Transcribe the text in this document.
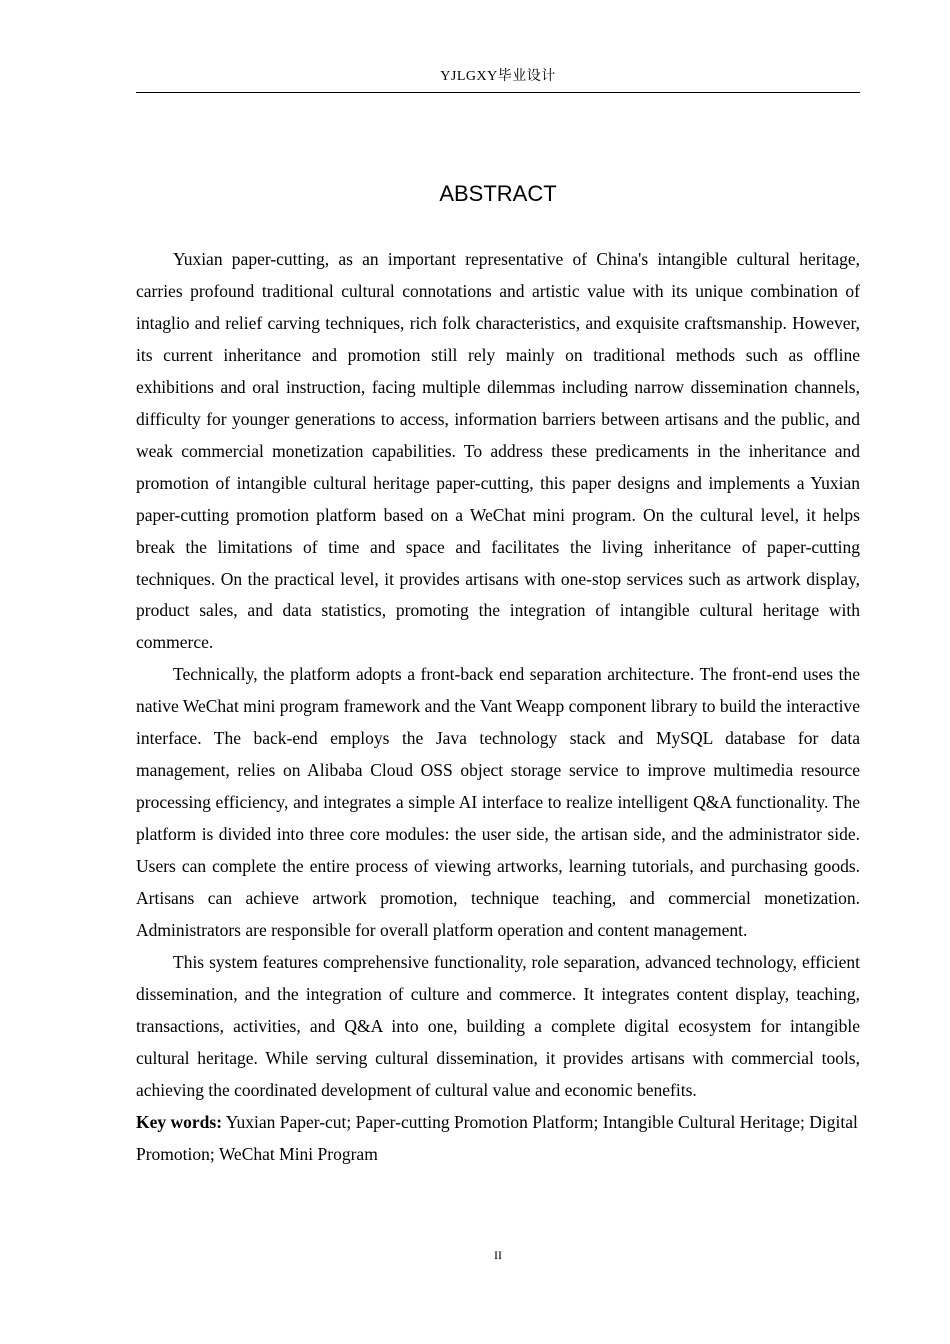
YJLGXY毕业设计
ABSTRACT

Yuxian paper-cutting, as an important representative of China's intangible cultural heritage, carries profound traditional cultural connotations and artistic value with its unique combination of intaglio and relief carving techniques, rich folk characteristics, and exquisite craftsmanship. However, its current inheritance and promotion still rely mainly on traditional methods such as offline exhibitions and oral instruction, facing multiple dilemmas including narrow dissemination channels, difficulty for younger generations to access, information barriers between artisans and the public, and weak commercial monetization capabilities. To address these predicaments in the inheritance and promotion of intangible cultural heritage paper-cutting, this paper designs and implements a Yuxian paper-cutting promotion platform based on a WeChat mini program. On the cultural level, it helps break the limitations of time and space and facilitates the living inheritance of paper-cutting techniques. On the practical level, it provides artisans with one-stop services such as artwork display, product sales, and data statistics, promoting the integration of intangible cultural heritage with commerce.

Technically, the platform adopts a front-back end separation architecture. The front-end uses the native WeChat mini program framework and the Vant Weapp component library to build the interactive interface. The back-end employs the Java technology stack and MySQL database for data management, relies on Alibaba Cloud OSS object storage service to improve multimedia resource processing efficiency, and integrates a simple AI interface to realize intelligent Q&A functionality. The platform is divided into three core modules: the user side, the artisan side, and the administrator side. Users can complete the entire process of viewing artworks, learning tutorials, and purchasing goods. Artisans can achieve artwork promotion, technique teaching, and commercial monetization. Administrators are responsible for overall platform operation and content management.

This system features comprehensive functionality, role separation, advanced technology, efficient dissemination, and the integration of culture and commerce. It integrates content display, teaching, transactions, activities, and Q&A into one, building a complete digital ecosystem for intangible cultural heritage. While serving cultural dissemination, it provides artisans with commercial tools, achieving the coordinated development of cultural value and economic benefits.

Key words: Yuxian Paper-cut; Paper-cutting Promotion Platform; Intangible Cultural Heritage; Digital Promotion; WeChat Mini Program

II
